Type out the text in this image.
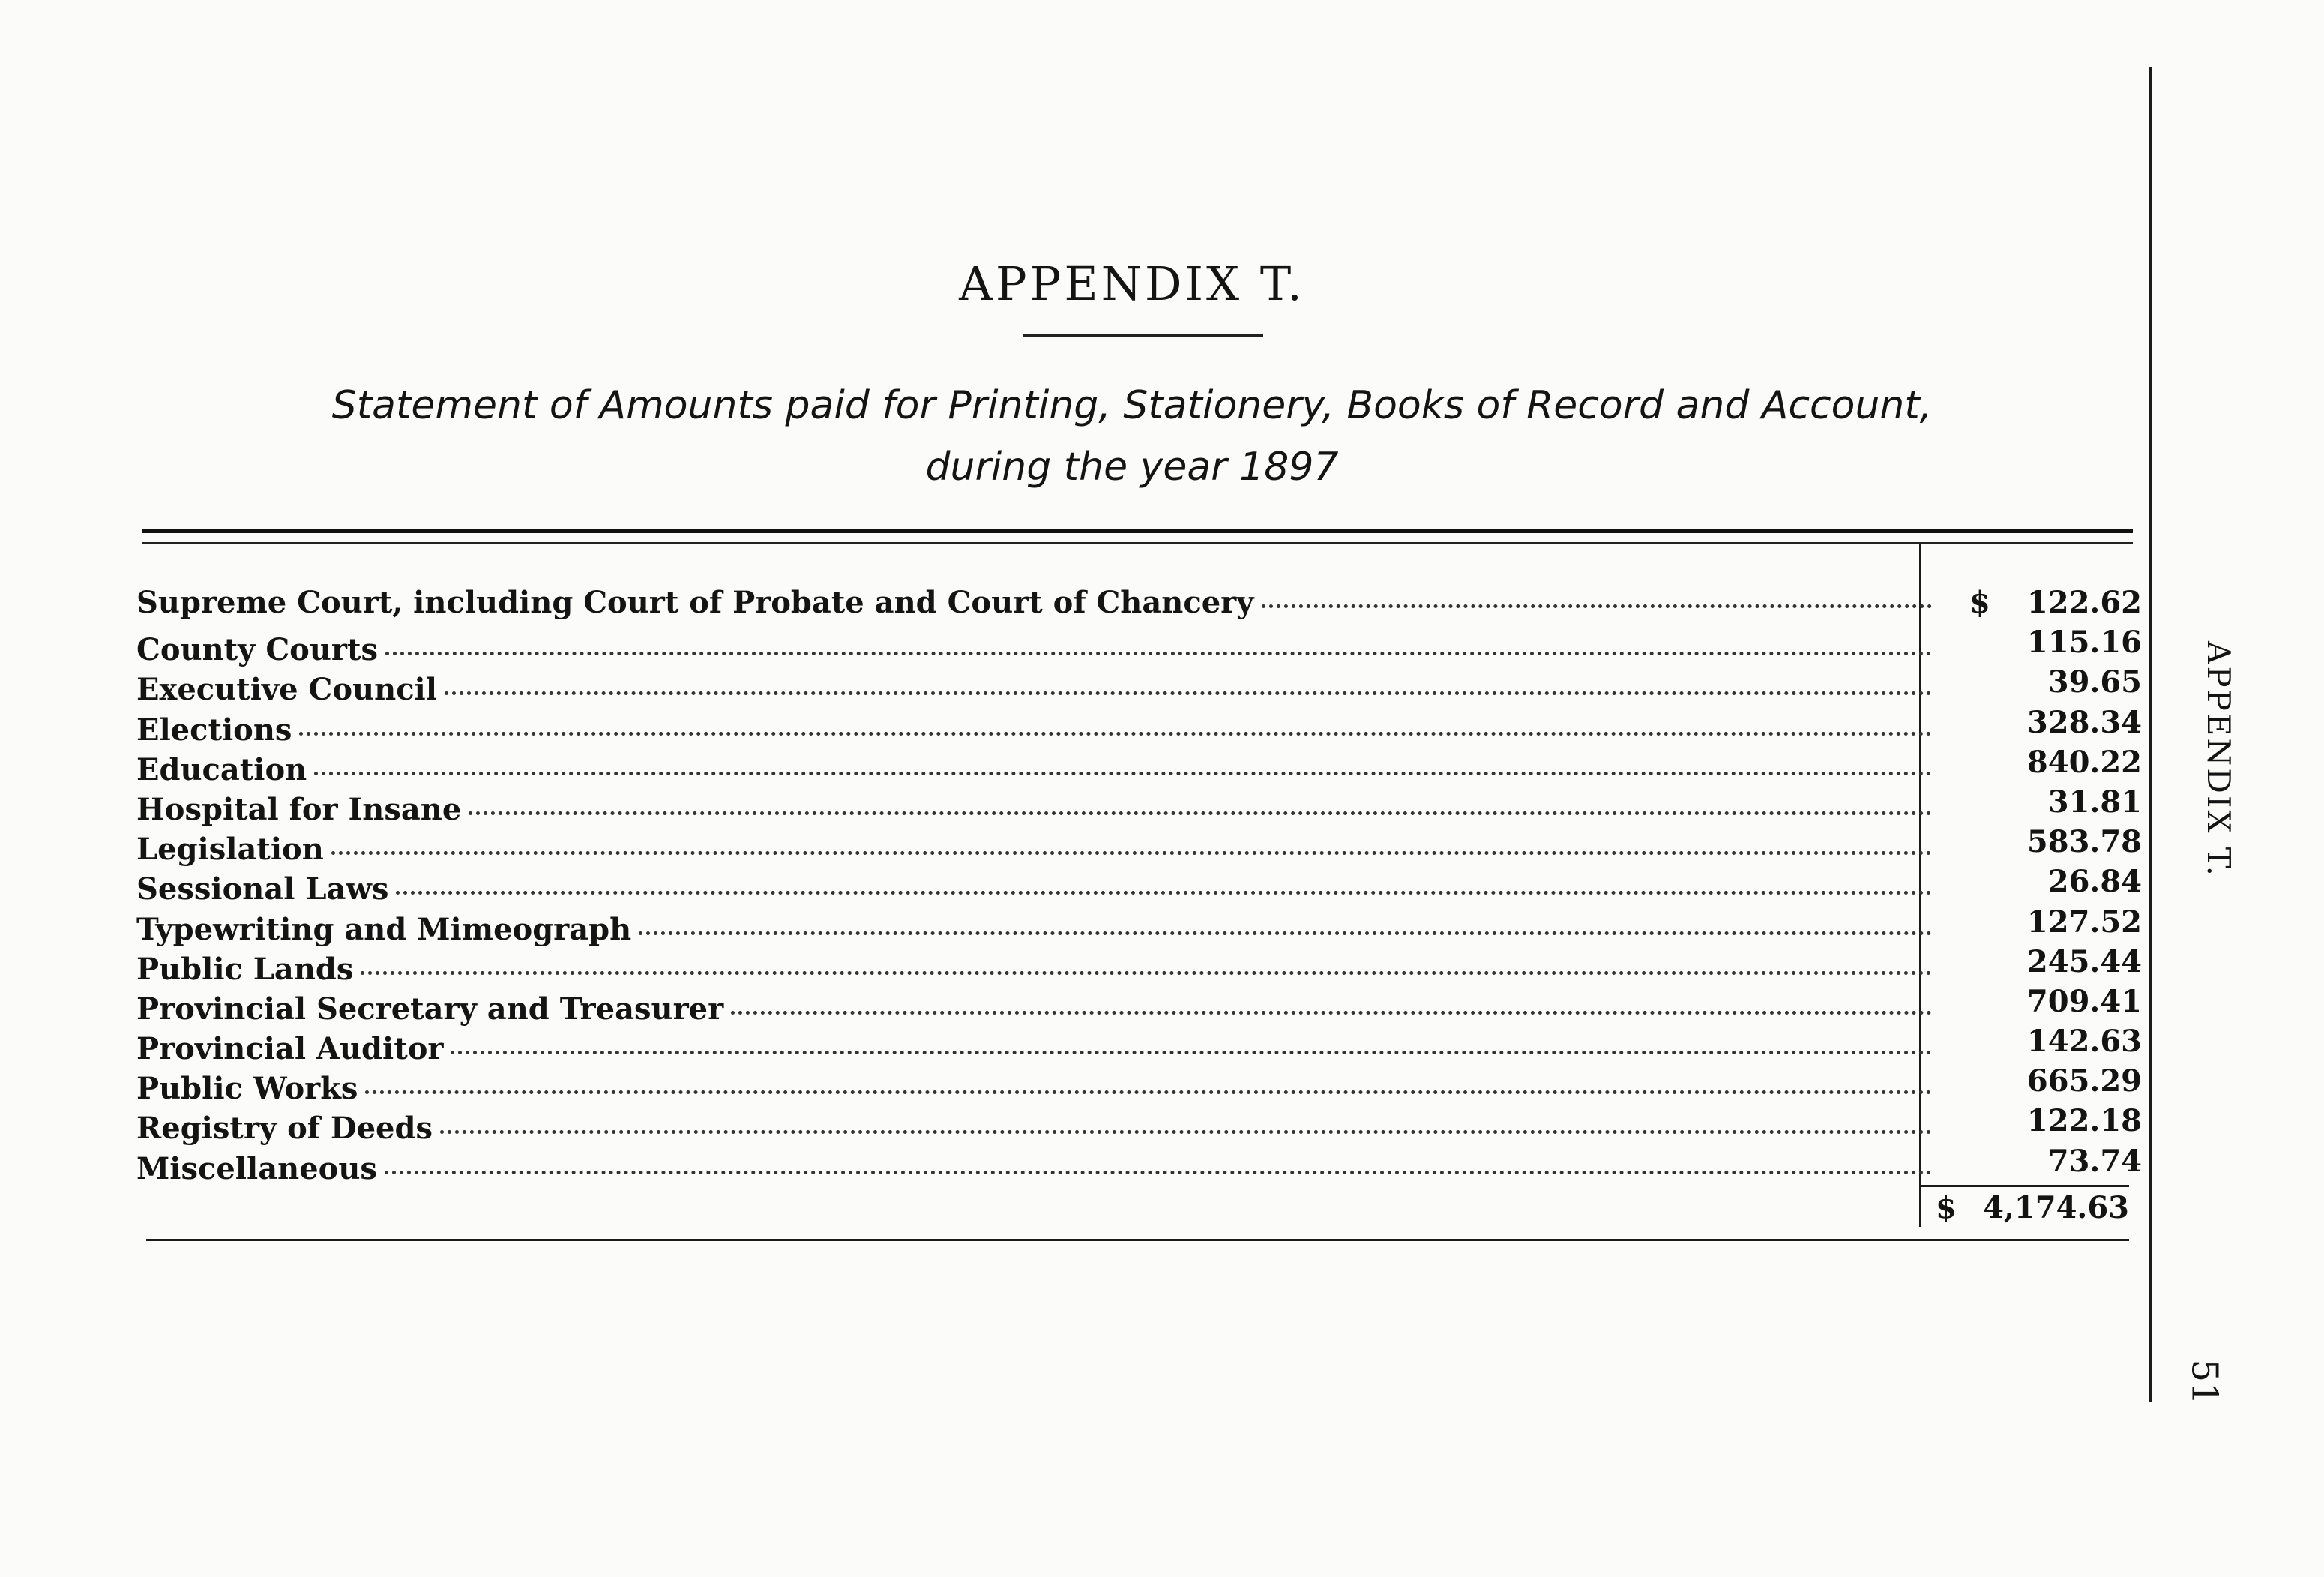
APPENDIX T.
Statement of Amounts paid for Printing, Stationery, Books of Record and Account,
during the year 1897
Supreme Court, including Court of Probate and Court of Chancery	$	122.62
County Courts	115.16
Executive Council	39.65
Elections	328.34
Education	840.22
Hospital for Insane	31.81
Legislation	583.78
Sessional Laws	26.84
Typewriting and Mimeograph	127.52
Public Lands	245.44
Provincial Secretary and Treasurer	709.41
Provincial Auditor	142.63
Public Works	665.29
Registry of Deeds	122.18
Miscellaneous	73.74
$ 4,174.63
APPENDIX T.
51
